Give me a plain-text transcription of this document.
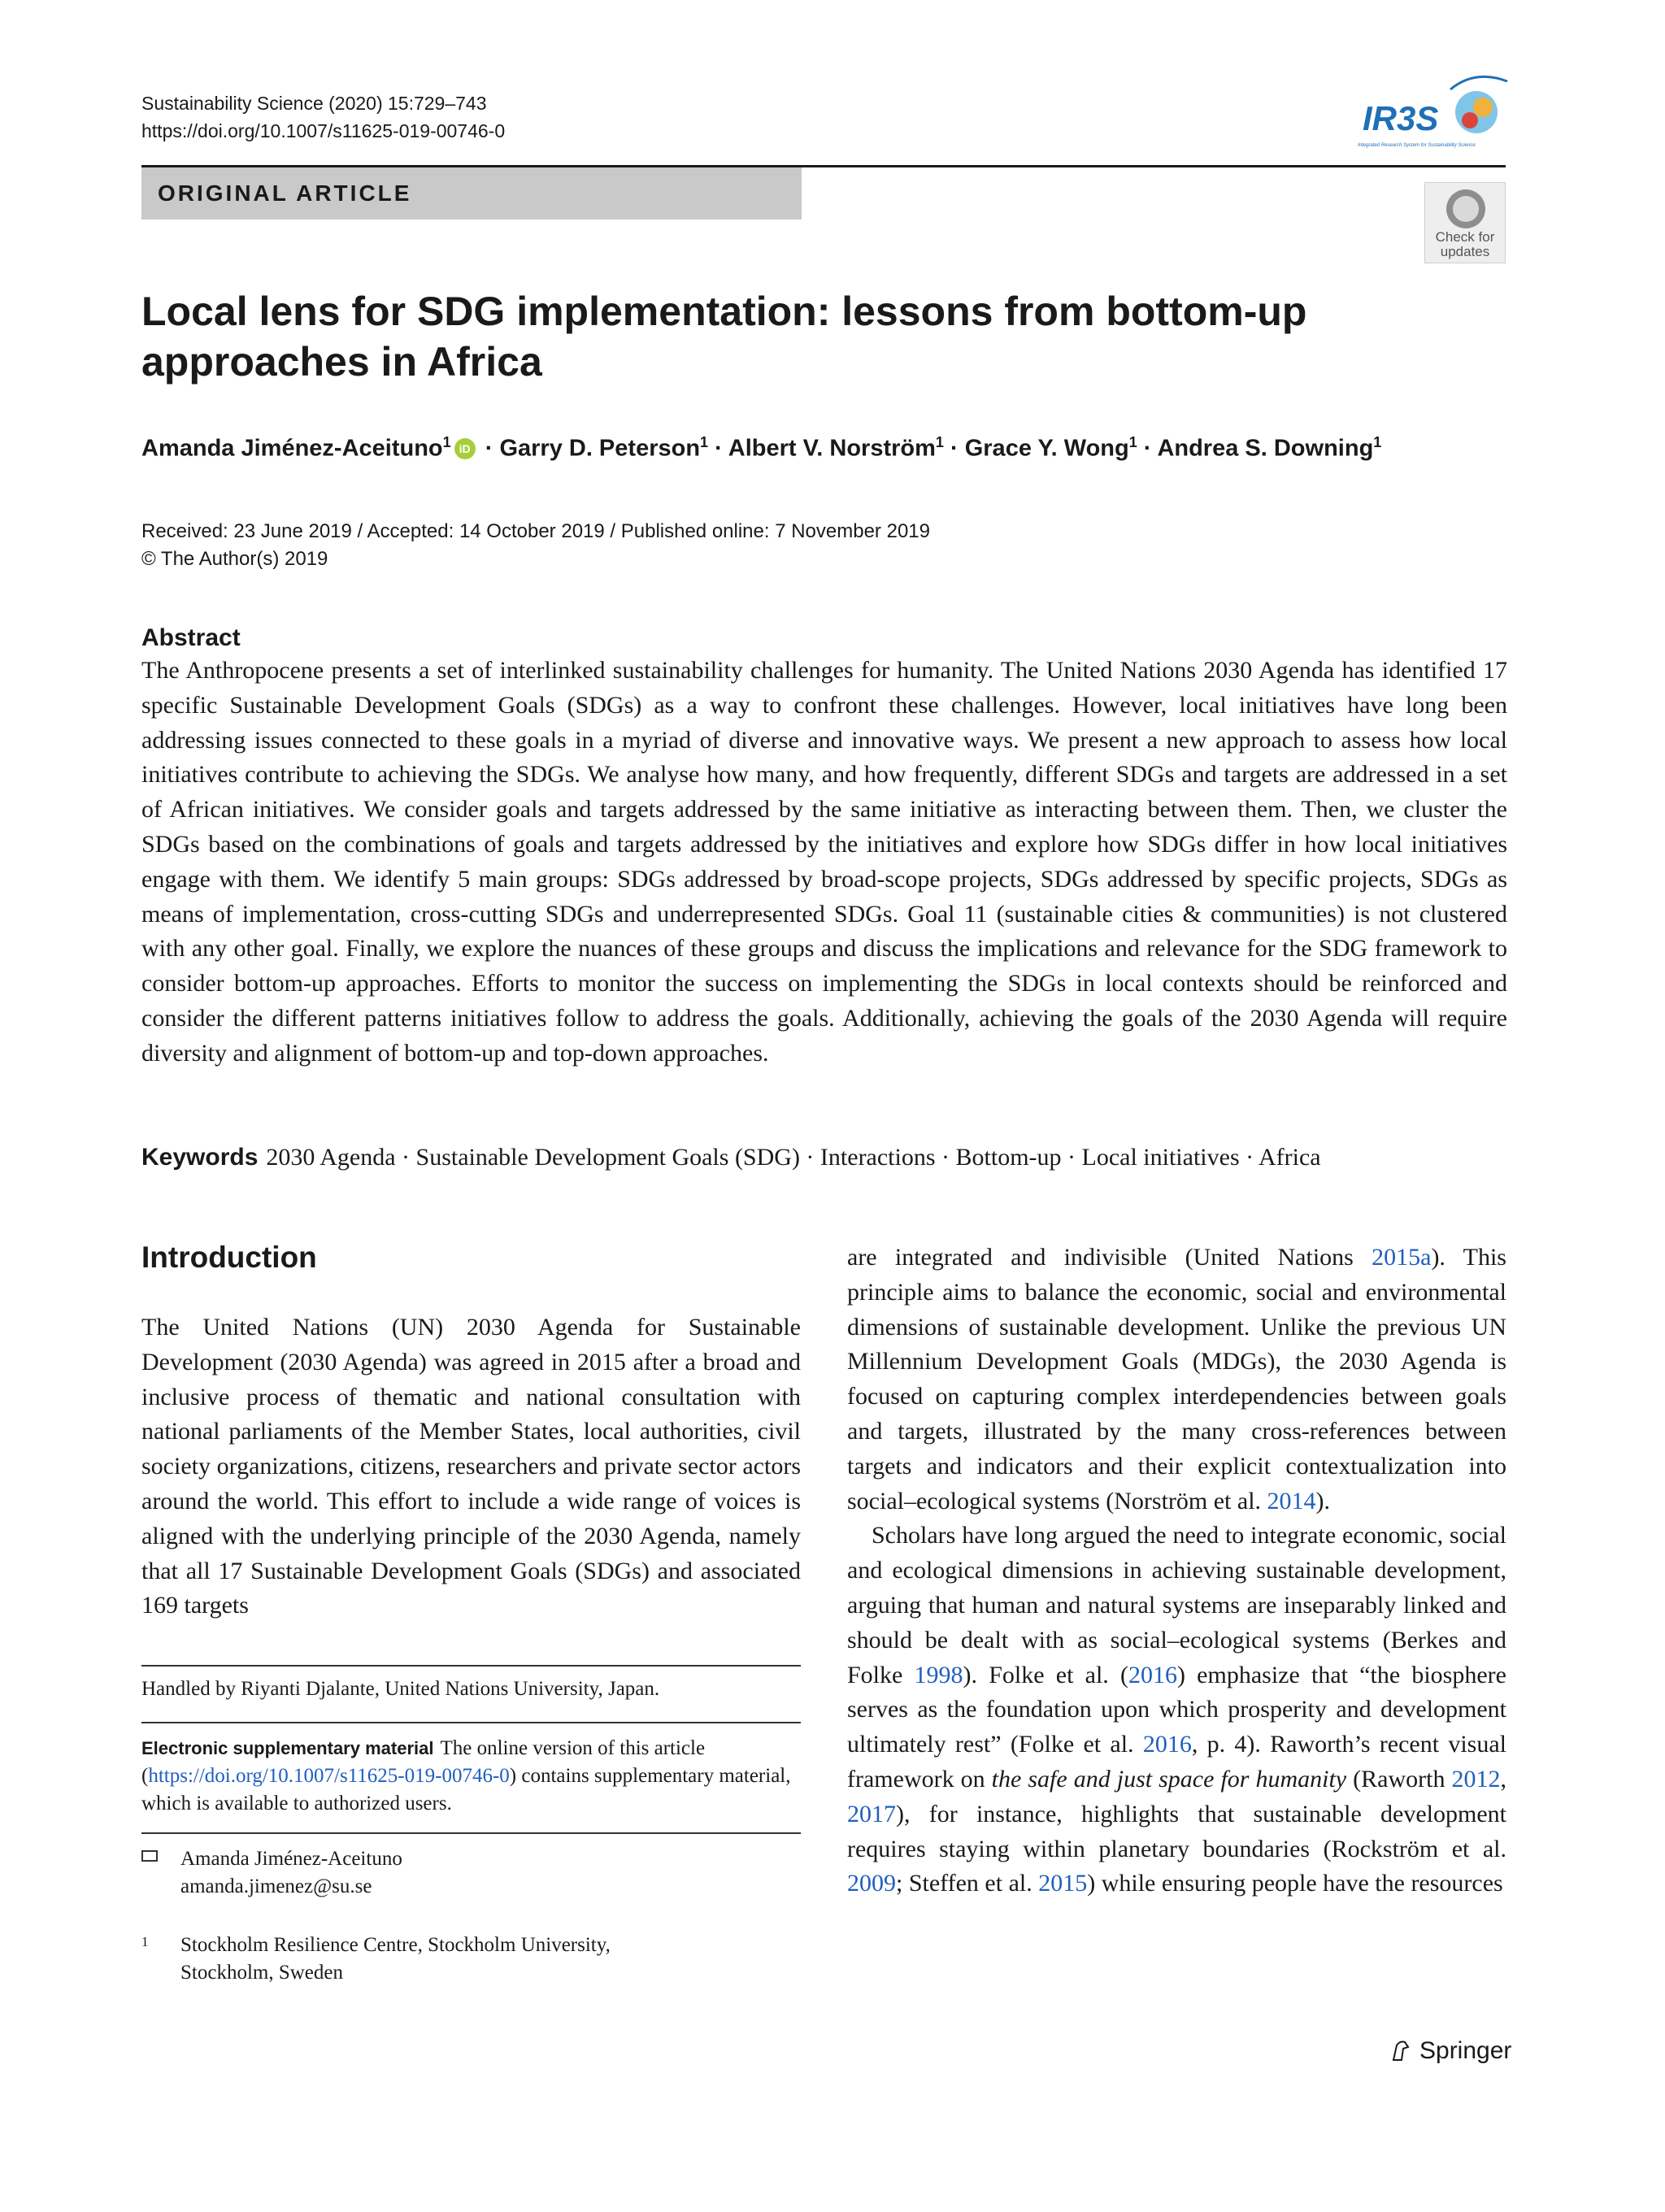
Sustainability Science (2020) 15:729–743
https://doi.org/10.1007/s11625-019-00746-0	IR3S
Integrated Research System for Sustainability Science
ORIGINAL ARTICLE
Check for
updates
Local lens for SDG implementation: lessons from bottom-up approaches in Africa
Amanda Jiménez-Aceituno$^1$ iD · Garry D. Peterson$^1$ · Albert V. Norström$^1$ · Grace Y. Wong$^1$ · Andrea S. Downing$^1$
Received: 23 June 2019 / Accepted: 14 October 2019 / Published online: 7 November 2019
© The Author(s) 2019
Abstract
The Anthropocene presents a set of interlinked sustainability challenges for humanity. The United Nations 2030 Agenda has identified 17 specific Sustainable Development Goals (SDGs) as a way to confront these challenges. However, local initiatives have long been addressing issues connected to these goals in a myriad of diverse and innovative ways. We present a new approach to assess how local initiatives contribute to achieving the SDGs. We analyse how many, and how frequently, different SDGs and targets are addressed in a set of African initiatives. We consider goals and targets addressed by the same initiative as interacting between them. Then, we cluster the SDGs based on the combinations of goals and targets addressed by the initiatives and explore how SDGs differ in how local initiatives engage with them. We identify 5 main groups: SDGs addressed by broad-scope projects, SDGs addressed by specific projects, SDGs as means of implementation, cross-cutting SDGs and underrepresented SDGs. Goal 11 (sustainable cities & communities) is not clustered with any other goal. Finally, we explore the nuances of these groups and discuss the implications and relevance for the SDG framework to consider bottom-up approaches. Efforts to monitor the success on implementing the SDGs in local contexts should be reinforced and consider the different patterns initiatives follow to address the goals. Additionally, achieving the goals of the 2030 Agenda will require diversity and alignment of bottom-up and top-down approaches.
Keywords 2030 Agenda · Sustainable Development Goals (SDG) · Interactions · Bottom-up · Local initiatives · Africa
Introduction
The United Nations (UN) 2030 Agenda for Sustainable Development (2030 Agenda) was agreed in 2015 after a broad and inclusive process of thematic and national consultation with national parliaments of the Member States, local authorities, civil society organizations, citizens, researchers and private sector actors around the world. This effort to include a wide range of voices is aligned with the underlying principle of the 2030 Agenda, namely that all 17 Sustainable Development Goals (SDGs) and associated 169 targets

are integrated and indivisible (United Nations 2015a). This principle aims to balance the economic, social and environmental dimensions of sustainable development. Unlike the previous UN Millennium Development Goals (MDGs), the 2030 Agenda is focused on capturing complex interdependencies between goals and targets, illustrated by the many cross-references between targets and indicators and their explicit contextualization into social–ecological systems (Norström et al. 2014).

Scholars have long argued the need to integrate economic, social and ecological dimensions in achieving sustainable development, arguing that human and natural systems are inseparably linked and should be dealt with as social–ecological systems (Berkes and Folke 1998). Folke et al. (2016) emphasize that “the biosphere serves as the foundation upon which prosperity and development ultimately rest” (Folke et al. 2016, p. 4). Raworth’s recent visual framework on the safe and just space for humanity (Raworth 2012, 2017), for instance, highlights that sustainable development requires staying within planetary boundaries (Rockström et al. 2009; Steffen et al. 2015) while ensuring people have the resources

Handled by Riyanti Djalante, United Nations University, Japan.
Electronic supplementary material The online version of this article (https://doi.org/10.1007/s11625-019-00746-0) contains supplementary material, which is available to authorized users.
Amanda Jiménez-Aceituno
amanda.jimenez@su.se
1 Stockholm Resilience Centre, Stockholm University,
Stockholm, Sweden
Springer
